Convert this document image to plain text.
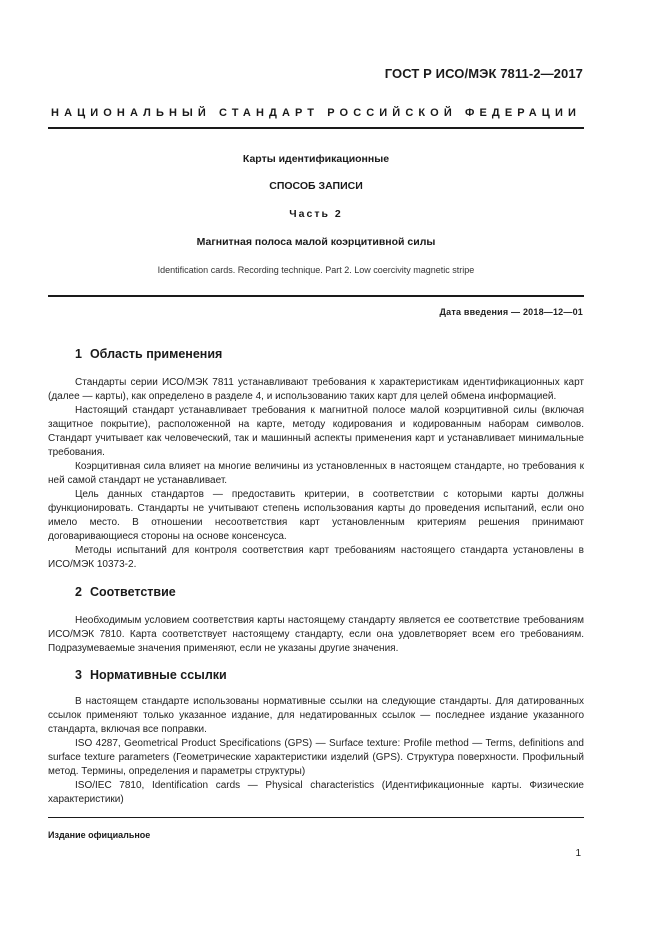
ГОСТ Р ИСО/МЭК 7811-2—2017
НАЦИОНАЛЬНЫЙ СТАНДАРТ РОССИЙСКОЙ ФЕДЕРАЦИИ
Карты идентификационные
СПОСОБ ЗАПИСИ
Часть 2
Магнитная полоса малой коэрцитивной силы
Identification cards. Recording technique. Part 2. Low coercivity magnetic stripe
Дата введения — 2018—12—01
1 Область применения

Стандарты серии ИСО/МЭК 7811 устанавливают требования к характеристикам идентификационных карт (далее — карты), как определено в разделе 4, и использованию таких карт для целей обмена информацией.

Настоящий стандарт устанавливает требования к магнитной полосе малой коэрцитивной силы (включая защитное покрытие), расположенной на карте, методу кодирования и кодированным наборам символов. Стандарт учитывает как человеческий, так и машинный аспекты применения карт и устанавливает минимальные требования.

Коэрцитивная сила влияет на многие величины из установленных в настоящем стандарте, но требования к ней самой стандарт не устанавливает.

Цель данных стандартов — предоставить критерии, в соответствии с которыми карты должны функционировать. Стандарты не учитывают степень использования карты до проведения испытаний, если оно имело место. В отношении несоответствия карт установленным критериям решения принимают договаривающиеся стороны на основе консенсуса.

Методы испытаний для контроля соответствия карт требованиям настоящего стандарта установлены в ИСО/МЭК 10373-2.

2 Соответствие

Необходимым условием соответствия карты настоящему стандарту является ее соответствие требованиям ИСО/МЭК 7810. Карта соответствует настоящему стандарту, если она удовлетворяет всем его требованиям. Подразумеваемые значения применяют, если не указаны другие значения.

3 Нормативные ссылки

В настоящем стандарте использованы нормативные ссылки на следующие стандарты. Для датированных ссылок применяют только указанное издание, для недатированных ссылок — последнее издание указанного стандарта, включая все поправки.

ISO 4287, Geometrical Product Specifications (GPS) — Surface texture: Profile method — Terms, definitions and surface texture parameters (Геометрические характеристики изделий (GPS). Структура поверхности. Профильный метод. Термины, определения и параметры структуры)

ISO/IEC 7810, Identification cards — Physical characteristics (Идентификационные карты. Физические характеристики)

Издание официальное
1
